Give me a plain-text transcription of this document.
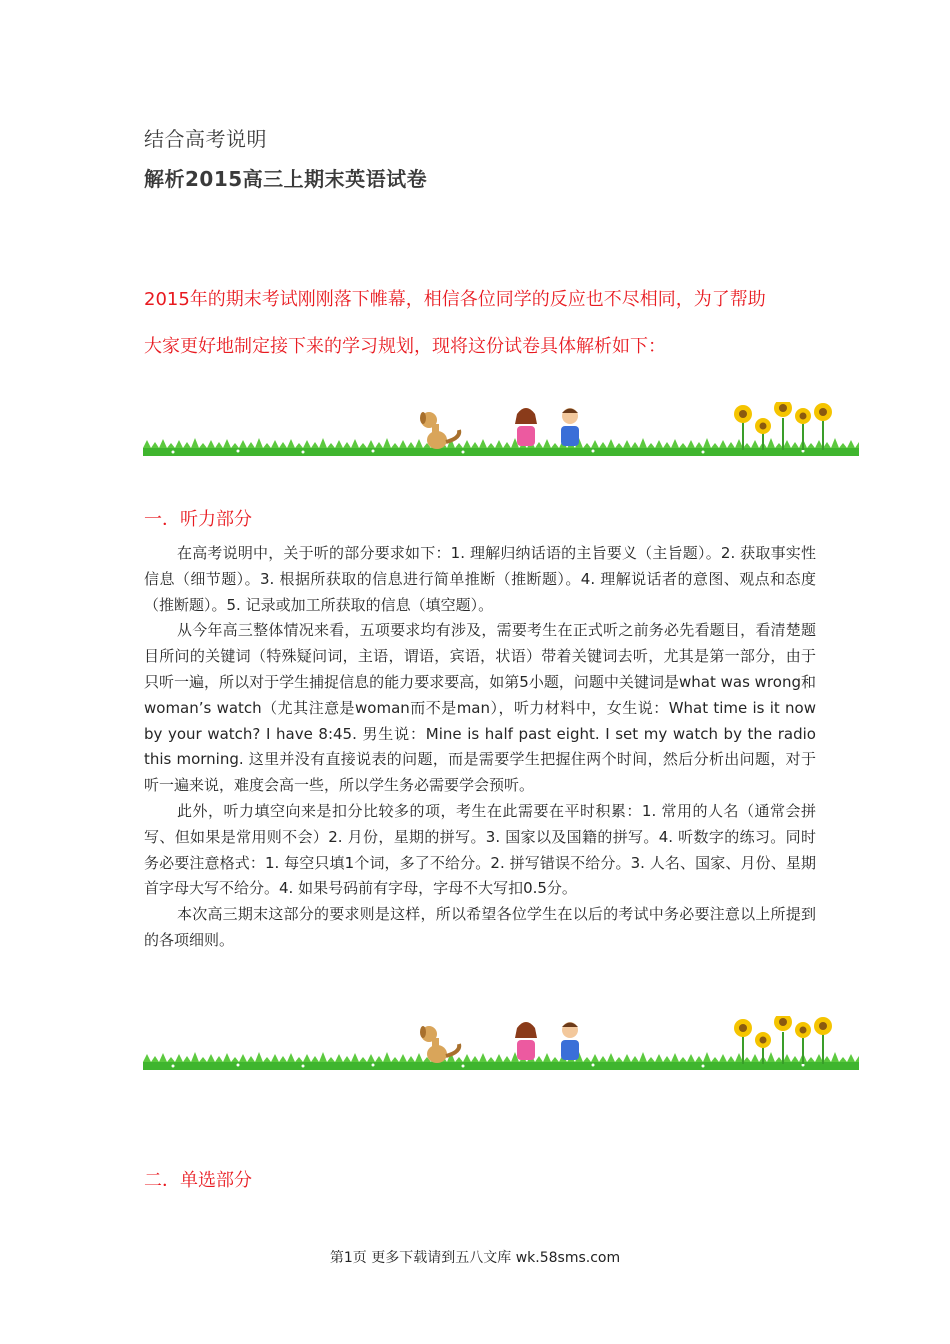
结合高考说明
解析2015高三上期末英语试卷
2015年的期末考试刚刚落下帷幕，相信各位同学的反应也不尽相同，为了帮助
大家更好地制定接下来的学习规划，现将这份试卷具体解析如下：
一．听力部分

在高考说明中，关于听的部分要求如下：1. 理解归纳话语的主旨要义（主旨题）。2. 获取事实性信息（细节题）。3. 根据所获取的信息进行简单推断（推断题）。4. 理解说话者的意图、观点和态度（推断题）。5. 记录或加工所获取的信息（填空题）。

从今年高三整体情况来看，五项要求均有涉及，需要考生在正式听之前务必先看题目，看清楚题目所问的关键词（特殊疑问词，主语，谓语，宾语，状语）带着关键词去听，尤其是第一部分，由于只听一遍，所以对于学生捕捉信息的能力要求要高，如第5小题，问题中关键词是what was wrong和woman’s watch（尤其注意是woman而不是man），听力材料中，女生说：What time is it now by your watch? I have 8:45. 男生说：Mine is half past eight. I set my watch by the radio this morning. 这里并没有直接说表的问题，而是需要学生把握住两个时间，然后分析出问题，对于听一遍来说，难度会高一些，所以学生务必需要学会预听。

此外，听力填空向来是扣分比较多的项，考生在此需要在平时积累：1. 常用的人名（通常会拼写、但如果是常用则不会）2. 月份，星期的拼写。3. 国家以及国籍的拼写。4. 听数字的练习。同时务必要注意格式：1. 每空只填1个词，多了不给分。2. 拼写错误不给分。3. 人名、国家、月份、星期首字母大写不给分。4. 如果号码前有字母，字母不大写扣0.5分。

本次高三期末这部分的要求则是这样，所以希望各位学生在以后的考试中务必要注意以上所提到的各项细则。

二．单选部分
第1页 更多下载请到五八文库 wk.58sms.com
